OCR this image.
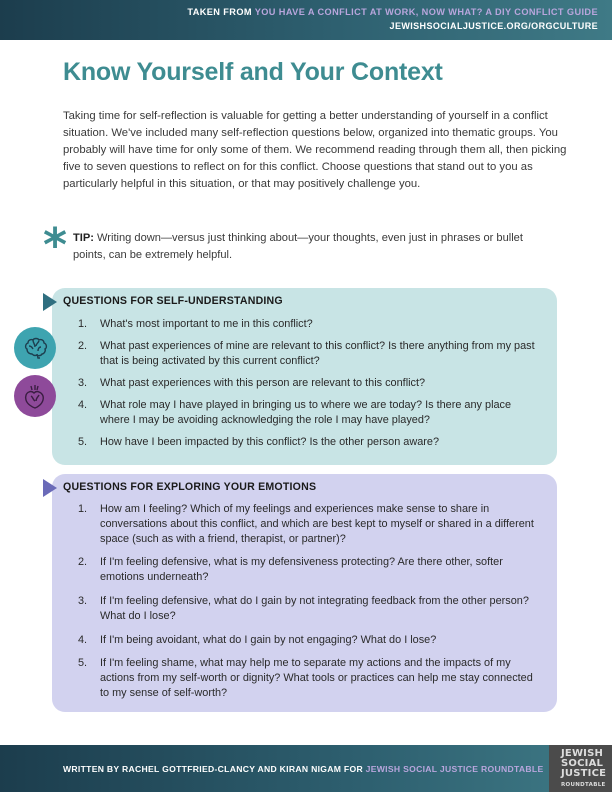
TAKEN FROM YOU HAVE A CONFLICT AT WORK, NOW WHAT? A DIY CONFLICT GUIDE
JEWISHSOCIALJUSTICE.ORG/ORGCULTURE
Know Yourself and Your Context

Taking time for self-reflection is valuable for getting a better understanding of yourself in a conflict situation. We've included many self-reflection questions below, organized into thematic groups. You probably will have time for only some of them. We recommend reading through them all, then picking five to seven questions to reflect on for this conflict. Choose questions that stand out to you as particularly helpful in this situation, or that may positively challenge you.

* TIP: Writing down—versus just thinking about—your thoughts, even just in phrases or bullet points, can be extremely helpful.

QUESTIONS FOR SELF-UNDERSTANDING
1. What's most important to me in this conflict?
2. What past experiences of mine are relevant to this conflict? Is there anything from my past that is being activated by this current conflict?
3. What past experiences with this person are relevant to this conflict?
4. What role may I have played in bringing us to where we are today? Is there any place where I may be avoiding acknowledging the role I may have played?
5. How have I been impacted by this conflict? Is the other person aware?
QUESTIONS FOR EXPLORING YOUR EMOTIONS
1. How am I feeling? Which of my feelings and experiences make sense to share in conversations about this conflict, and which are best kept to myself or shared in a different space (such as with a friend, therapist, or partner)?
2. If I'm feeling defensive, what is my defensiveness protecting? Are there other, softer emotions underneath?
3. If I'm feeling defensive, what do I gain by not integrating feedback from the other person? What do I lose?
4. If I'm being avoidant, what do I gain by not engaging? What do I lose?
5. If I'm feeling shame, what may help me to separate my actions and the impacts of my actions from my self-worth or dignity? What tools or practices can help me stay connected to my sense of self-worth?
WRITTEN BY RACHEL GOTTFRIED-CLANCY AND KIRAN NIGAM FOR JEWISH SOCIAL JUSTICE ROUNDTABLE
JEWISH
SOCIAL
JUSTICE
ROUNDTABLE
